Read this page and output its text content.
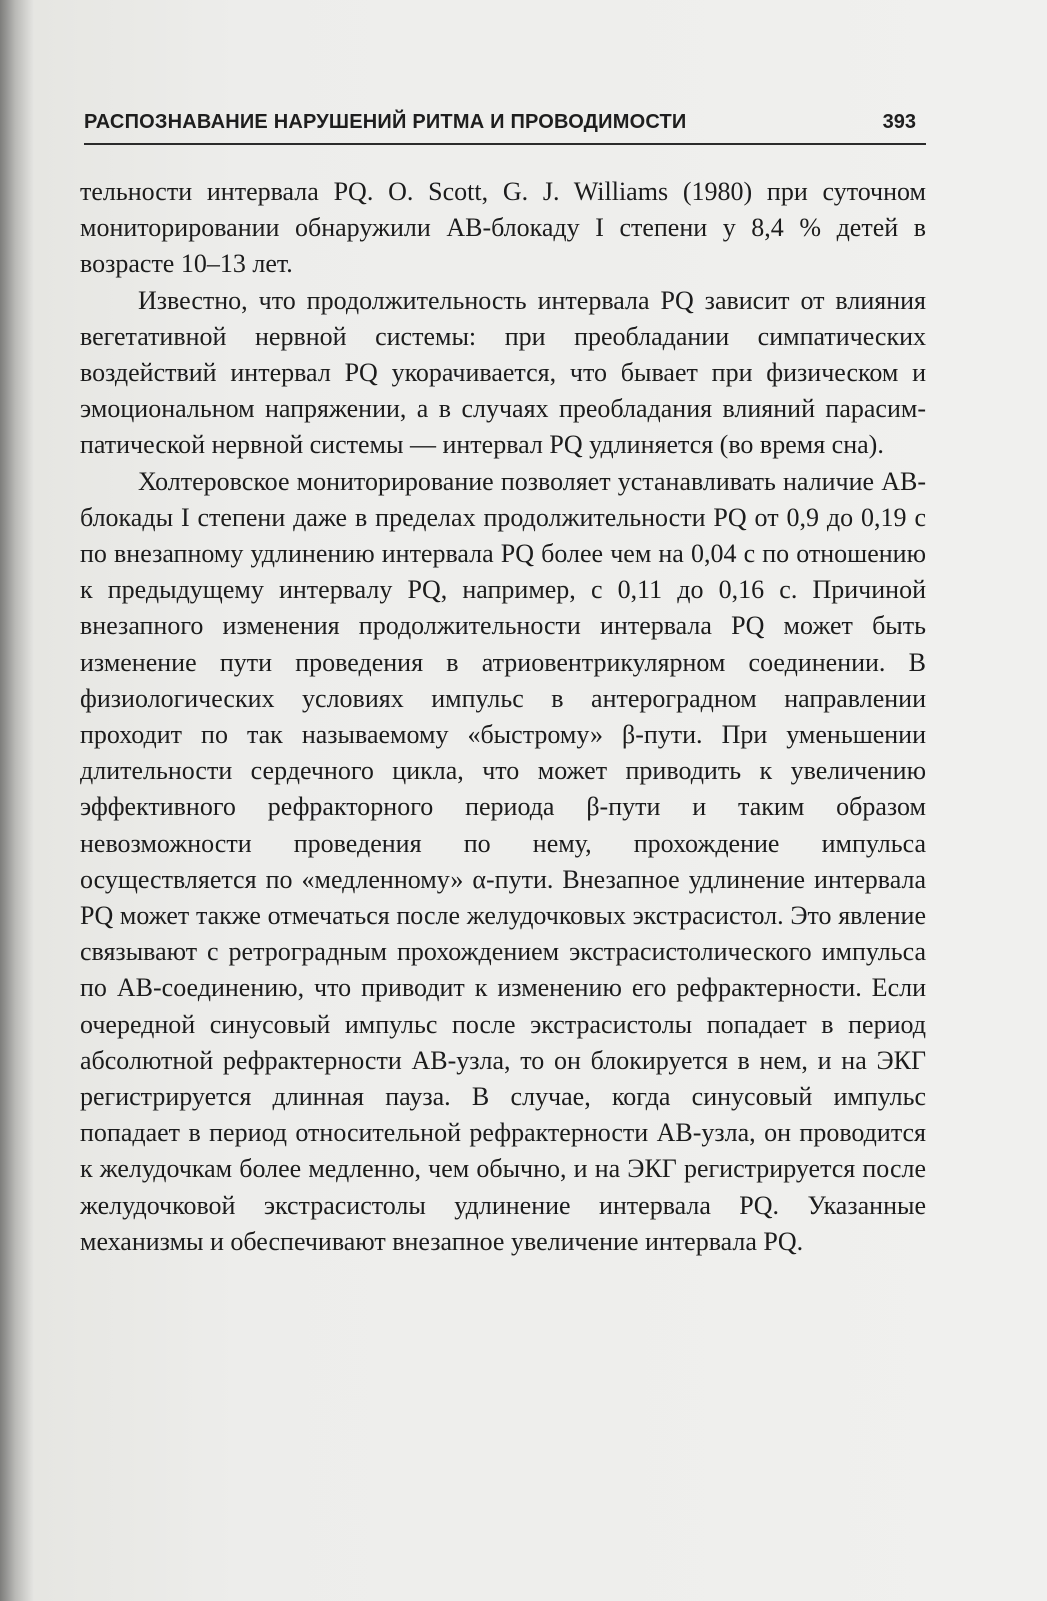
РАСПОЗНАВАНИЕ НАРУШЕНИЙ РИТМА И ПРОВОДИМОСТИ	393

тельности интервала PQ. O. Scott, G. J. Williams (1980) при суточном мониторировании обнаружили АВ-блокаду I степени у 8,4 % детей в возрасте 10–13 лет.

Известно, что продолжительность интервала PQ зависит от влияния вегетативной нервной системы: при преобладании симпатических воздействий интервал PQ укорачивается, что бывает при физическом и эмоциональном напряжении, а в случаях преобладания влияний парасимпатической нервной системы — интервал PQ удлиняется (во время сна).

Холтеровское мониторирование позволяет устанавливать наличие АВ-блокады I степени даже в пределах продолжительности PQ от 0,9 до 0,19 с по внезапному удлинению интервала PQ более чем на 0,04 с по отношению к предыдущему интервалу PQ, например, с 0,11 до 0,16 с. Причиной внезапного изменения продолжительности интервала PQ может быть изменение пути проведения в атриовентрикулярном соединении. В физиологических условиях импульс в антероградном направлении проходит по так называемому «быстрому» β-пути. При уменьшении длительности сердечного цикла, что может приводить к увеличению эффективного рефракторного периода β-пути и таким образом невозможности проведения по нему, прохождение импульса осуществляется по «медленному» α-пути. Внезапное удлинение интервала PQ может также отмечаться после желудочковых экстрасистол. Это явление связывают с ретроградным прохождением экстрасистолического импульса по АВ-соединению, что приводит к изменению его рефрактерности. Если очередной синусовый импульс после экстрасистолы попадает в период абсолютной рефрактерности АВ-узла, то он блокируется в нем, и на ЭКГ регистрируется длинная пауза. В случае, когда синусовый импульс попадает в период относительной рефрактерности АВ-узла, он проводится к желудочкам более медленно, чем обычно, и на ЭКГ регистрируется после желудочковой экстрасистолы удлинение интервала PQ. Указанные механизмы и обеспечивают внезапное увеличение интервала PQ.
